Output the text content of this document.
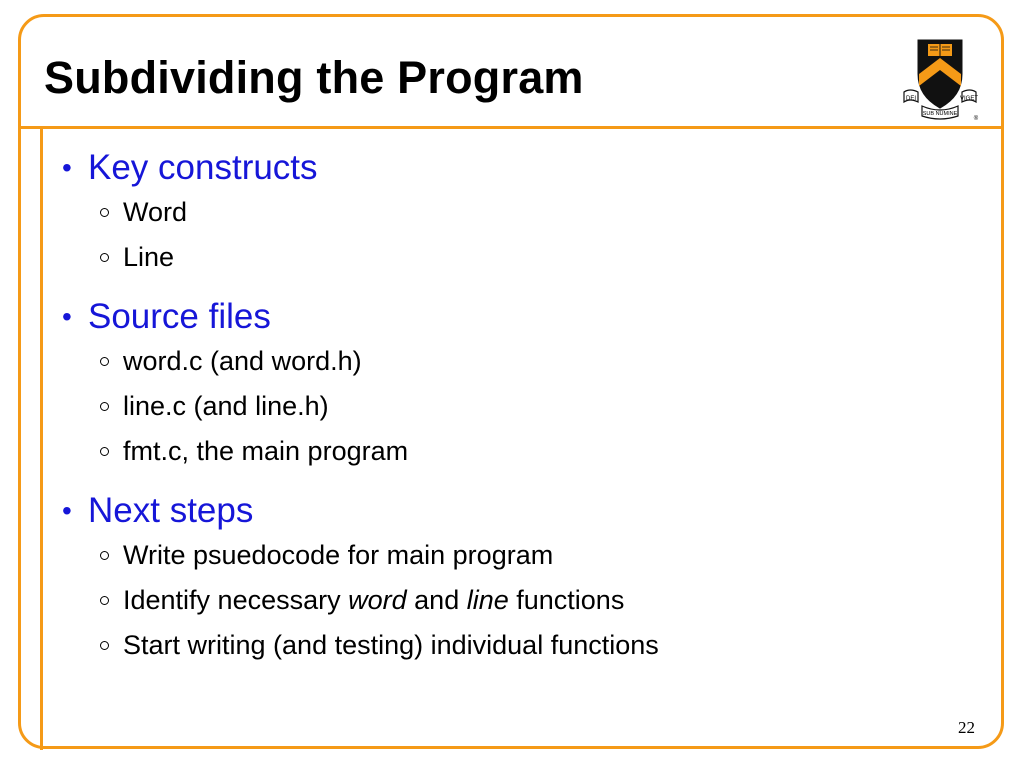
Subdividing the Program	DEI	VIGET
SUB NUMINE
®
• Key constructs
Word
Line
• Source files
word.c (and word.h)
line.c (and line.h)
fmt.c, the main program
• Next steps
Write psuedocode for main program
Identify necessary word and line functions
Start writing (and testing) individual functions
22
